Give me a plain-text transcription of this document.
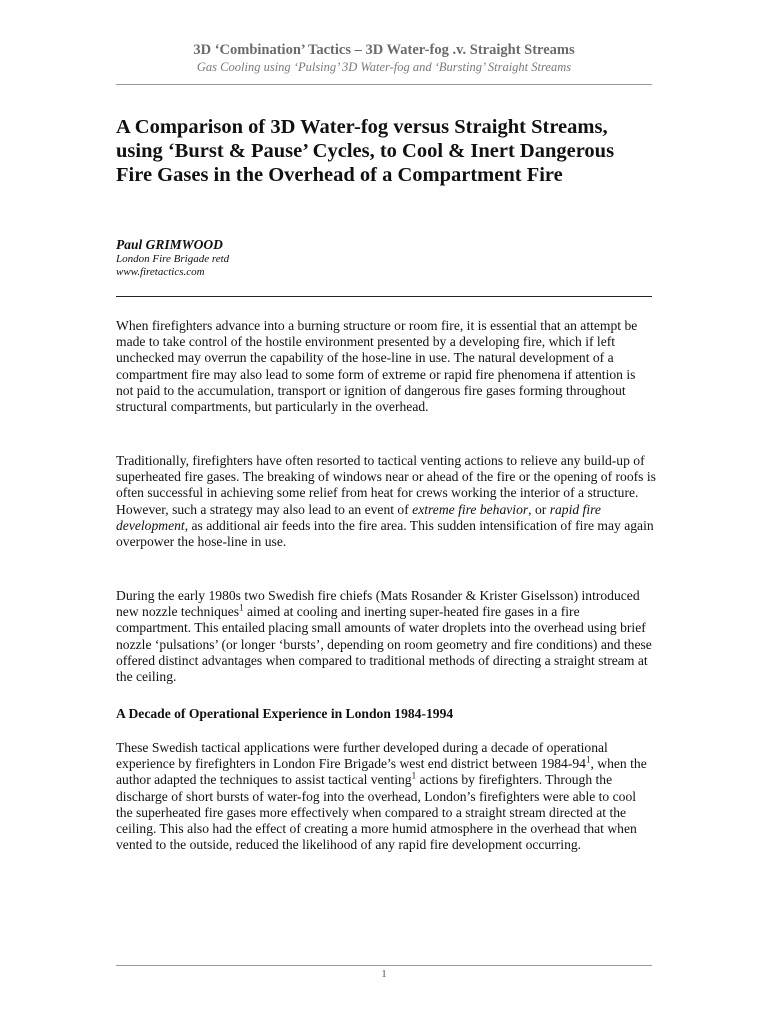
3D ‘Combination’ Tactics – 3D Water-fog .v. Straight Streams
Gas Cooling using ‘Pulsing’ 3D Water-fog and ‘Bursting’ Straight Streams
A Comparison of 3D Water-fog versus Straight Streams, using ‘Burst & Pause’ Cycles, to Cool & Inert Dangerous Fire Gases in the Overhead of a Compartment Fire
Paul GRIMWOOD
London Fire Brigade retd
www.firetactics.com

When firefighters advance into a burning structure or room fire, it is essential that an attempt be made to take control of the hostile environment presented by a developing fire, which if left unchecked may overrun the capability of the hose-line in use. The natural development of a compartment fire may also lead to some form of extreme or rapid fire phenomena if attention is not paid to the accumulation, transport or ignition of dangerous fire gases forming throughout structural compartments, but particularly in the overhead.

Traditionally, firefighters have often resorted to tactical venting actions to relieve any build-up of superheated fire gases. The breaking of windows near or ahead of the fire or the opening of roofs is often successful in achieving some relief from heat for crews working the interior of a structure. However, such a strategy may also lead to an event of extreme fire behavior, or rapid fire development, as additional air feeds into the fire area. This sudden intensification of fire may again overpower the hose-line in use.

During the early 1980s two Swedish fire chiefs (Mats Rosander & Krister Giselsson) introduced new nozzle techniques$^1$ aimed at cooling and inerting super-heated fire gases in a fire compartment. This entailed placing small amounts of water droplets into the overhead using brief nozzle ‘pulsations’ (or longer ‘bursts’, depending on room geometry and fire conditions) and these offered distinct advantages when compared to traditional methods of directing a straight stream at the ceiling.

A Decade of Operational Experience in London 1984-1994

These Swedish tactical applications were further developed during a decade of operational experience by firefighters in London Fire Brigade’s west end district between $1984-94^1$, when the author adapted the techniques to assist tactical venting$^1$ actions by firefighters. Through the discharge of short bursts of water-fog into the overhead, London’s firefighters were able to cool the superheated fire gases more effectively when compared to a straight stream directed at the ceiling. This also had the effect of creating a more humid atmosphere in the overhead that when vented to the outside, reduced the likelihood of any rapid fire development occurring.

1
